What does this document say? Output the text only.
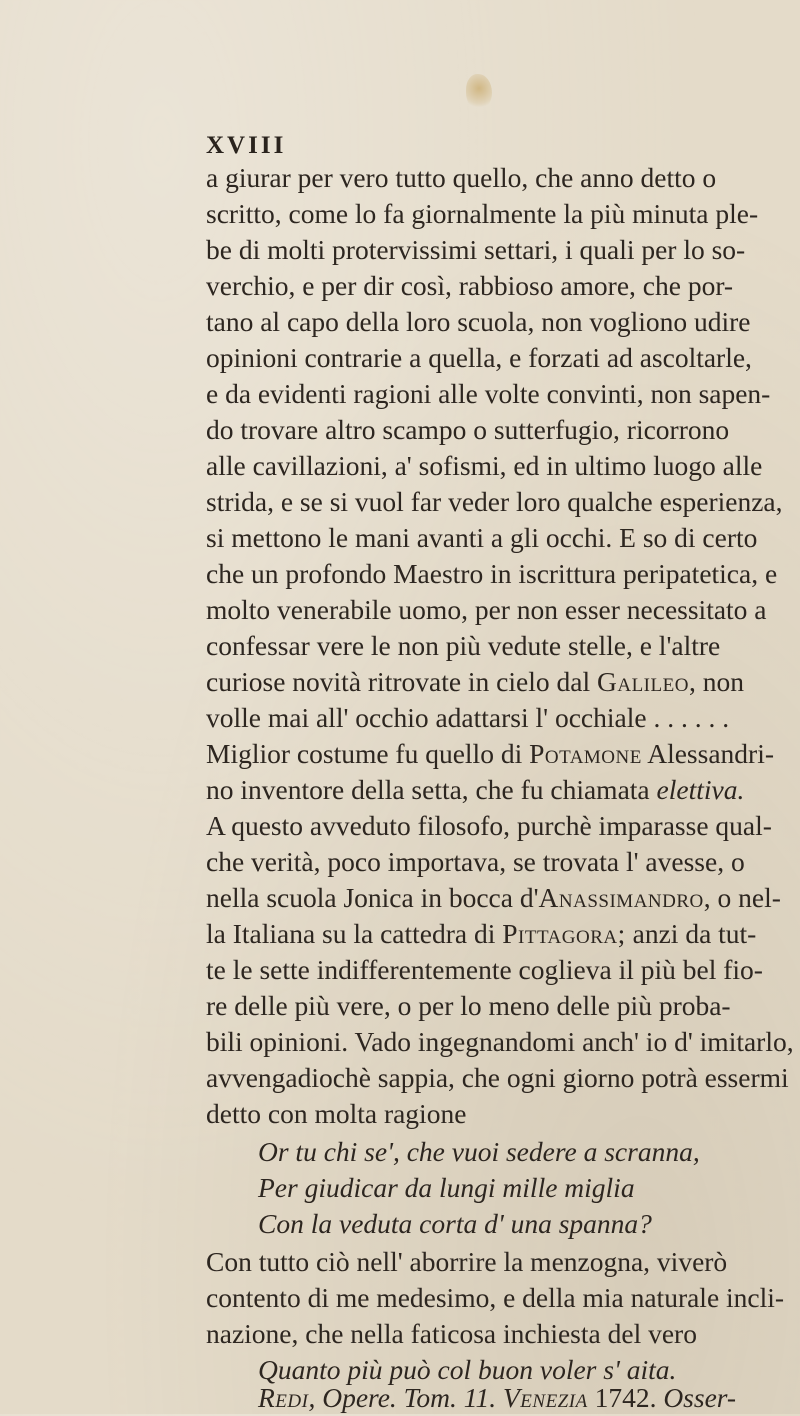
XVIII
a giurar per vero tutto quello, che anno detto o
scritto, come lo fa giornalmente la più minuta ple-
be di molti protervissimi settari, i quali per lo so-
verchio, e per dir così, rabbioso amore, che por-
tano al capo della loro scuola, non vogliono udire
opinioni contrarie a quella, e forzati ad ascoltarle,
e da evidenti ragioni alle volte convinti, non sapen-
do trovare altro scampo o sutterfugio, ricorrono
alle cavillazioni, a' sofismi, ed in ultimo luogo alle
strida, e se si vuol far veder loro qualche esperienza,
si mettono le mani avanti a gli occhi. E so di certo
che un profondo Maestro in iscrittura peripatetica, e
molto venerabile uomo, per non esser necessitato a
confessar vere le non più vedute stelle, e l'altre
curiose novità ritrovate in cielo dal Galileo, non
volle mai all' occhio adattarsi l' occhiale . . . . . .
Miglior costume fu quello di Potamone Alessandri-
no inventore della setta, che fu chiamata elettiva.
A questo avveduto filosofo, purchè imparasse qual-
che verità, poco importava, se trovata l' avesse, o
nella scuola Jonica in bocca d'Anassimandro, o nel-
la Italiana su la cattedra di Pittagora; anzi da tut-
te le sette indifferentemente coglieva il più bel fio-
re delle più vere, o per lo meno delle più proba-
bili opinioni. Vado ingegnandomi anch' io d' imitarlo,
avvengadiochè sappia, che ogni giorno potrà essermi
detto con molta ragione
Or tu chi se', che vuoi sedere a scranna,
Per giudicar da lungi mille miglia
Con la veduta corta d' una spanna?
Con tutto ciò nell' aborrire la menzogna, viverò
contento di me medesimo, e della mia naturale incli-
nazione, che nella faticosa inchiesta del vero
Quanto più può col buon voler s' aita.
Redi, Opere. Tom. 11. Venezia 1742. Osser-
